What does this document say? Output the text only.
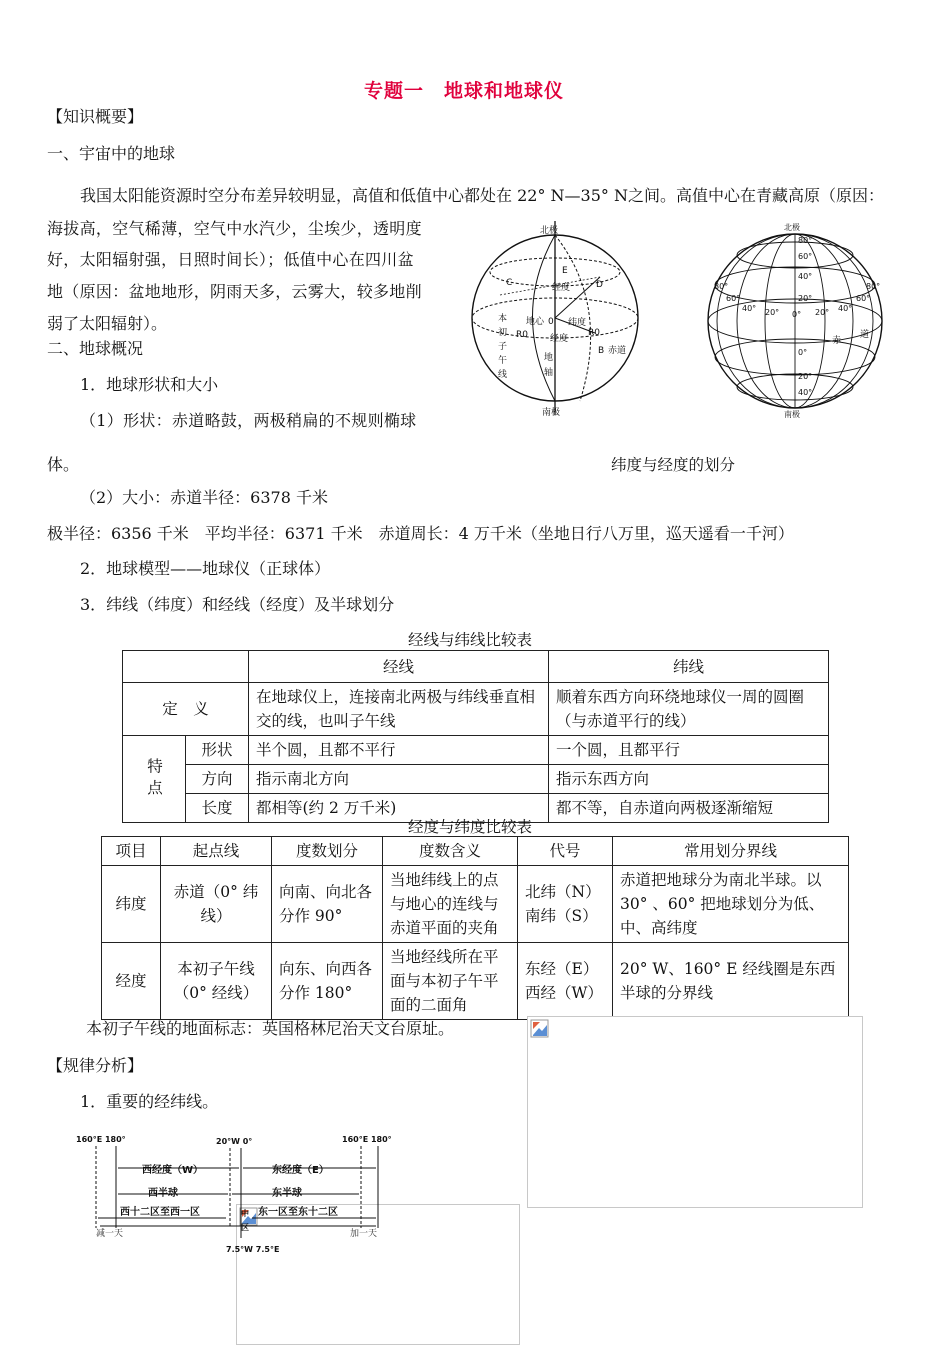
专题一　地球和地球仪
【知识概要】
一、宇宙中的地球
我国太阳能资源时空分布差异较明显，高值和低值中心都处在 22° N—35° N之间。高值中心在青藏高原（原因：
海拔高，空气稀薄，空气中水汽少，尘埃少，透明度
好，太阳辐射强，日照时间长）；低值中心在四川盆
地（原因：盆地地形，阴雨天多，云雾大，较多地削
弱了太阳辐射）。
二、地球概况
1．地球形状和大小
（1）形状：赤道略鼓，两极稍扁的不规则椭球
体。
（2）大小：赤道半径：6378 千米
极半径：6356 千米　平均半径：6371 千米　赤道周长：4 万千米（坐地日行八万里，巡天遥看一千河）
2．地球模型——地球仪（正球体）
3．纬线（纬度）和经线（经度）及半球划分
北极
南极
C
E
D
经度
纬度
地心 0
本
初
子
午
线
地
轴
经度
R0	R0
B 赤道
北极
南极
80°
60°
40°
20°
0°
20°
40°
80°
60°
40° 20° 0° 20° 40°
60°
80°
赤
道
纬度与经度的划分
经线与纬线比较表
		经线	纬线
定　义		在地球仪上，连接南北两极与纬线垂直相交的线，也叫子午线	顺着东西方向环绕地球仪一周的圆圈（与赤道平行的线）
特点	形状	半个圆，且都不平行	一个圆，且都平行
	方向	指示南北方向	指示东西方向
	长度	都相等(约 2 万千米)	都不等，自赤道向两极逐渐缩短
经度与纬度比较表
项目	起点线	度数划分	度数含义	代号	常用划分界线
纬度	赤道（0° 纬线）	向南、向北各分作 90°	当地纬线上的点与地心的连线与赤道平面的夹角	北纬（N）南纬（S）	赤道把地球分为南北半球。以 30° 、60° 把地球划分为低、中、高纬度
经度	本初子午线（0° 经线）	向东、向西各分作 180°	当地经线所在平面与本初子午平面的二面角	东经（E）西经（W）	20° W、160° E 经线圈是东西半球的分界线
本初子午线的地面标志：英国格林尼治天文台原址。
【规律分析】
1．重要的经纬线。
160°E 180°	20°W 0°	160°E 180°
西经度（W）	东经度（E）
西半球	东半球
西十二区至西一区	东一区至东十二区
中
区
减一天	加一天
7.5°W 7.5°E
